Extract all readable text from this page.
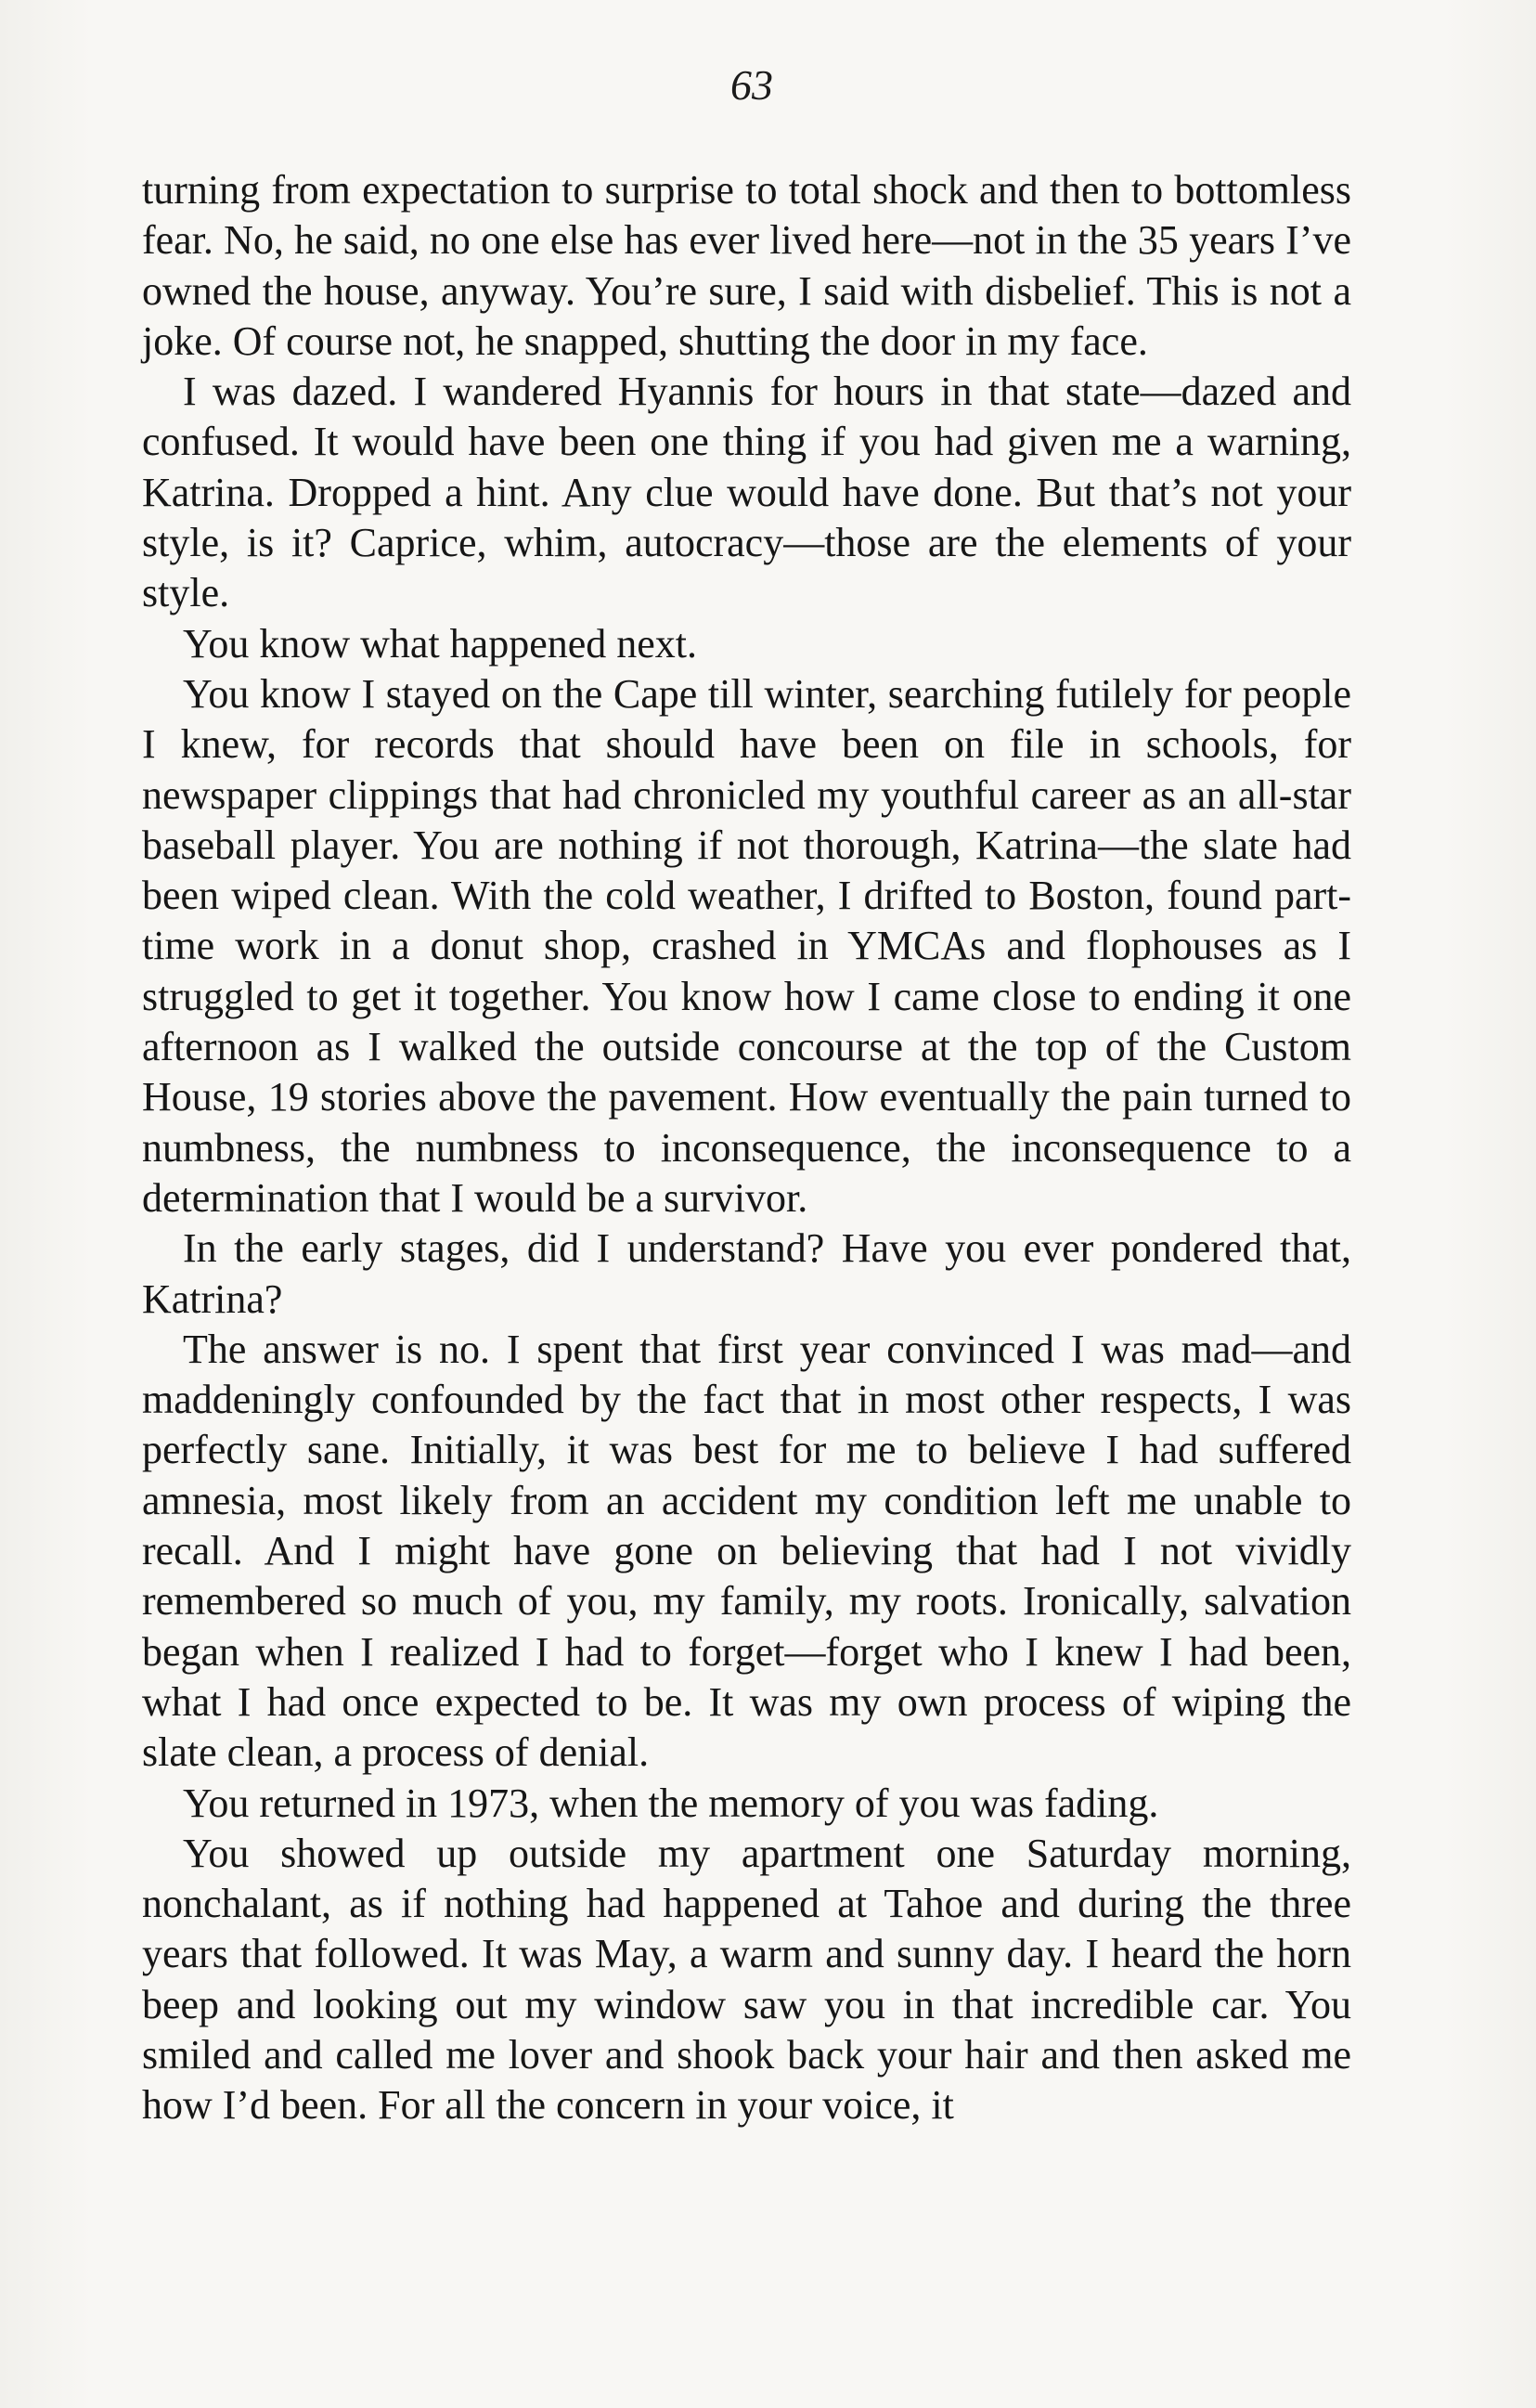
63

turning from expectation to surprise to total shock and then to bottomless fear. No, he said, no one else has ever lived here—not in the 35 years I’ve owned the house, anyway. You’re sure, I said with disbelief. This is not a joke. Of course not, he snapped, shutting the door in my face.

I was dazed. I wandered Hyannis for hours in that state—dazed and confused. It would have been one thing if you had given me a warning, Katrina. Dropped a hint. Any clue would have done. But that’s not your style, is it? Caprice, whim, autocracy—those are the elements of your style.

You know what happened next.

You know I stayed on the Cape till winter, searching futilely for people I knew, for records that should have been on file in schools, for newspaper clippings that had chronicled my youthful career as an all-star baseball player. You are nothing if not thorough, Katrina—the slate had been wiped clean. With the cold weather, I drifted to Boston, found part-time work in a donut shop, crashed in YMCAs and flophouses as I struggled to get it together. You know how I came close to ending it one afternoon as I walked the outside concourse at the top of the Custom House, 19 stories above the pavement. How eventually the pain turned to numbness, the numbness to inconsequence, the inconsequence to a determination that I would be a survivor.

In the early stages, did I understand? Have you ever pondered that, Katrina?

The answer is no. I spent that first year convinced I was mad—and maddeningly confounded by the fact that in most other respects, I was perfectly sane. Initially, it was best for me to believe I had suffered amnesia, most likely from an accident my condition left me unable to recall. And I might have gone on believing that had I not vividly remembered so much of you, my family, my roots. Ironically, salvation began when I realized I had to forget—forget who I knew I had been, what I had once expected to be. It was my own process of wiping the slate clean, a process of denial.

You returned in 1973, when the memory of you was fading.

You showed up outside my apartment one Saturday morning, nonchalant, as if nothing had happened at Tahoe and during the three years that followed. It was May, a warm and sunny day. I heard the horn beep and looking out my window saw you in that incredible car. You smiled and called me lover and shook back your hair and then asked me how I’d been. For all the concern in your voice, it
